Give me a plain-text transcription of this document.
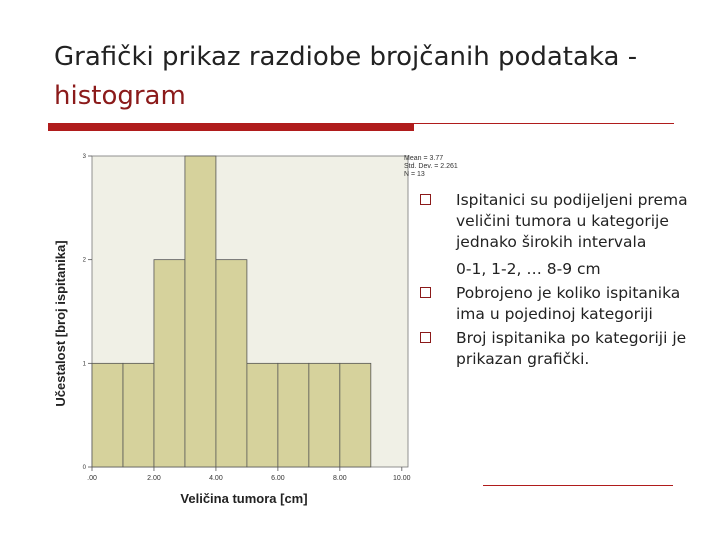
Grafički prikaz razdiobe brojčanih podataka -
histogram
0
1
2
3
.00	2.00	4.00	6.00	8.00	10.00
Veličina tumora [cm]
Učestalost [broj ispitanika]
Mean = 3.77
Std. Dev. = 2.261
N = 13
Ispitanici su podijeljeni prema veličini tumora u kategorije jednako širokih intervala
0-1, 1-2, … 8-9 cm
Pobrojeno je koliko ispitanika ima u pojedinoj kategoriji
Broj ispitanika po kategoriji je prikazan grafički.
